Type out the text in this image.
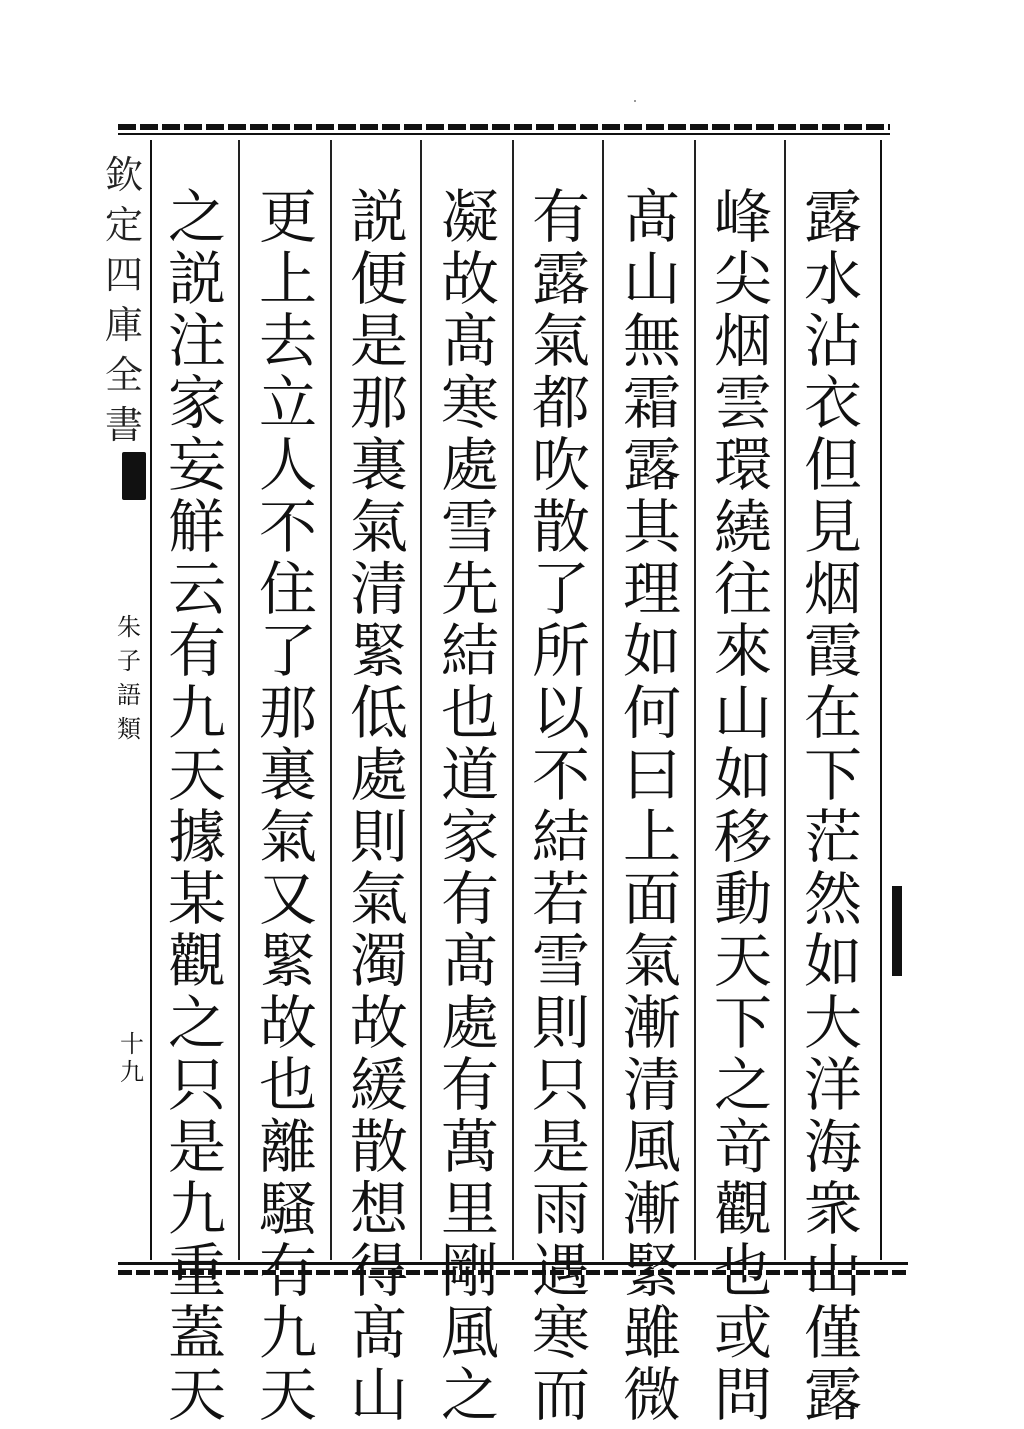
露
水
沾
衣
但
見
烟
霞
在
下
茫
然
如
大
洋
海
衆
僅
露
峰
尖
烟
雲
環
繞
往
來
山
如
移
動
天
下
之
竒
觀
或
問
髙
山
無
霜
露
其
理
如
何
曰
上
面
氣
漸
清
風
漸
雖
微
有
露
氣
都
吹
散
了
所
以
不
結
若
雪
則
只
是
雨
寒
而
凝
故
髙
寒
處
雪
先
結
也
道
家
有
髙
處
有
萬
里
風
之
説
便
是
那
裏
氣
清
緊
低
處
則
氣
濁
故
緩
散
想
髙
山
更
上
去
立
人
不
住
了
那
裏
氣
又
緊
故
也
離
騷
九
天
之
説
注
家
妄
觧
云
有
九
天
據
某
觀
之
只
是
九
蓋
天
欽
定
四
庫
全
書
朱
子
語
類
十
九
